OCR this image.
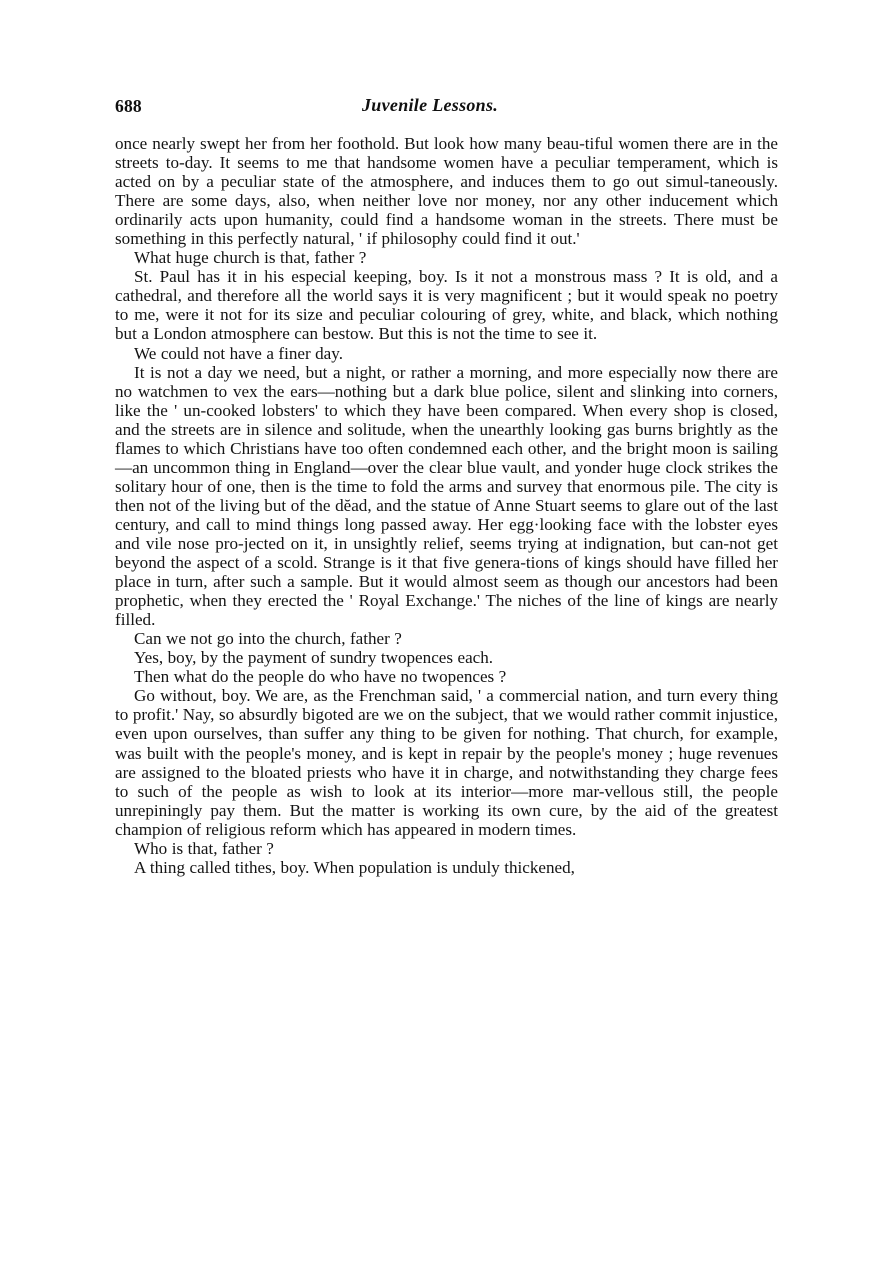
688	Juvenile Lessons.

once nearly swept her from her foothold. But look how many beau-tiful women there are in the streets to-day. It seems to me that handsome women have a peculiar temperament, which is acted on by a peculiar state of the atmosphere, and induces them to go out simul-taneously. There are some days, also, when neither love nor money, nor any other inducement which ordinarily acts upon humanity, could find a handsome woman in the streets. There must be something in this perfectly natural, ' if philosophy could find it out.'

What huge church is that, father ?

St. Paul has it in his especial keeping, boy. Is it not a monstrous mass ? It is old, and a cathedral, and therefore all the world says it is very magnificent ; but it would speak no poetry to me, were it not for its size and peculiar colouring of grey, white, and black, which nothing but a London atmosphere can bestow. But this is not the time to see it.

We could not have a finer day.

It is not a day we need, but a night, or rather a morning, and more especially now there are no watchmen to vex the ears—nothing but a dark blue police, silent and slinking into corners, like the ' un-cooked lobsters' to which they have been compared. When every shop is closed, and the streets are in silence and solitude, when the unearthly looking gas burns brightly as the flames to which Christians have too often condemned each other, and the bright moon is sailing —an uncommon thing in England—over the clear blue vault, and yonder huge clock strikes the solitary hour of one, then is the time to fold the arms and survey that enormous pile. The city is then not of the living but of the dĕad, and the statue of Anne Stuart seems to glare out of the last century, and call to mind things long passed away. Her egg·looking face with the lobster eyes and vile nose pro-jected on it, in unsightly relief, seems trying at indignation, but can-not get beyond the aspect of a scold. Strange is it that five genera-tions of kings should have filled her place in turn, after such a sample. But it would almost seem as though our ancestors had been prophetic, when they erected the ' Royal Exchange.' The niches of the line of kings are nearly filled.

Can we not go into the church, father ?

Yes, boy, by the payment of sundry twopences each.

Then what do the people do who have no twopences ?

Go without, boy. We are, as the Frenchman said, ' a commercial nation, and turn every thing to profit.' Nay, so absurdly bigoted are we on the subject, that we would rather commit injustice, even upon ourselves, than suffer any thing to be given for nothing. That church, for example, was built with the people's money, and is kept in repair by the people's money ; huge revenues are assigned to the bloated priests who have it in charge, and notwithstanding they charge fees to such of the people as wish to look at its interior—more mar-vellous still, the people unrepiningly pay them. But the matter is working its own cure, by the aid of the greatest champion of religious reform which has appeared in modern times.

Who is that, father ?

A thing called tithes, boy. When population is unduly thickened,
